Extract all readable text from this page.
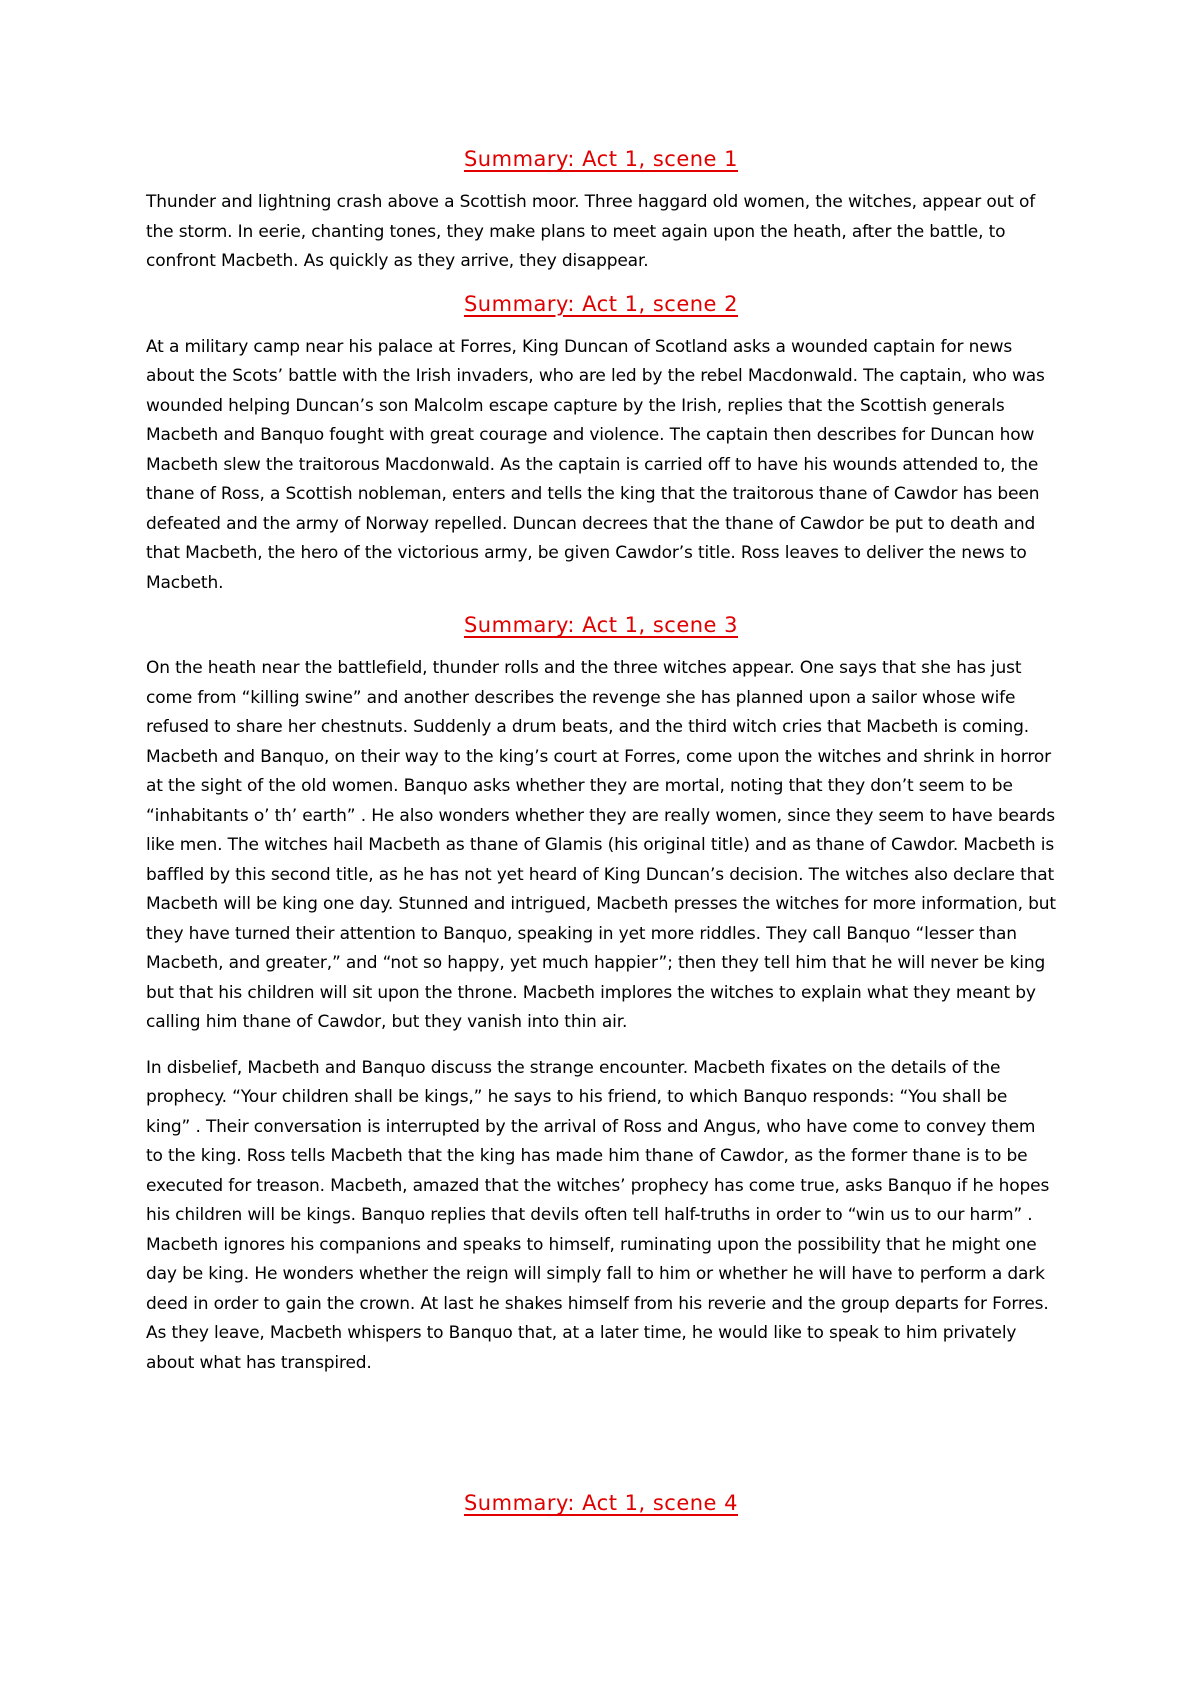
Summary: Act 1, scene 1

Thunder and lightning crash above a Scottish moor. Three haggard old women, the witches, appear out of the storm. In eerie, chanting tones, they make plans to meet again upon the heath, after the battle, to confront Macbeth. As quickly as they arrive, they disappear.

Summary: Act 1, scene 2

At a military camp near his palace at Forres, King Duncan of Scotland asks a wounded captain for news about the Scots’ battle with the Irish invaders, who are led by the rebel Macdonwald. The captain, who was wounded helping Duncan’s son Malcolm escape capture by the Irish, replies that the Scottish generals Macbeth and Banquo fought with great courage and violence. The captain then describes for Duncan how Macbeth slew the traitorous Macdonwald. As the captain is carried off to have his wounds attended to, the thane of Ross, a Scottish nobleman, enters and tells the king that the traitorous thane of Cawdor has been defeated and the army of Norway repelled. Duncan decrees that the thane of Cawdor be put to death and that Macbeth, the hero of the victorious army, be given Cawdor’s title. Ross leaves to deliver the news to Macbeth.

Summary: Act 1, scene 3

On the heath near the battlefield, thunder rolls and the three witches appear. One says that she has just come from “killing swine” and another describes the revenge she has planned upon a sailor whose wife refused to share her chestnuts. Suddenly a drum beats, and the third witch cries that Macbeth is coming. Macbeth and Banquo, on their way to the king’s court at Forres, come upon the witches and shrink in horror at the sight of the old women. Banquo asks whether they are mortal, noting that they don’t seem to be “inhabitants o’ th’ earth” . He also wonders whether they are really women, since they seem to have beards like men. The witches hail Macbeth as thane of Glamis (his original title) and as thane of Cawdor. Macbeth is baffled by this second title, as he has not yet heard of King Duncan’s decision. The witches also declare that Macbeth will be king one day. Stunned and intrigued, Macbeth presses the witches for more information, but they have turned their attention to Banquo, speaking in yet more riddles. They call Banquo “lesser than Macbeth, and greater,” and “not so happy, yet much happier”; then they tell him that he will never be king but that his children will sit upon the throne. Macbeth implores the witches to explain what they meant by calling him thane of Cawdor, but they vanish into thin air.

In disbelief, Macbeth and Banquo discuss the strange encounter. Macbeth fixates on the details of the prophecy. “Your children shall be kings,” he says to his friend, to which Banquo responds: “You shall be king” . Their conversation is interrupted by the arrival of Ross and Angus, who have come to convey them to the king. Ross tells Macbeth that the king has made him thane of Cawdor, as the former thane is to be executed for treason. Macbeth, amazed that the witches’ prophecy has come true, asks Banquo if he hopes his children will be kings. Banquo replies that devils often tell half-truths in order to “win us to our harm” . Macbeth ignores his companions and speaks to himself, ruminating upon the possibility that he might one day be king. He wonders whether the reign will simply fall to him or whether he will have to perform a dark deed in order to gain the crown. At last he shakes himself from his reverie and the group departs for Forres. As they leave, Macbeth whispers to Banquo that, at a later time, he would like to speak to him privately about what has transpired.

Summary: Act 1, scene 4
